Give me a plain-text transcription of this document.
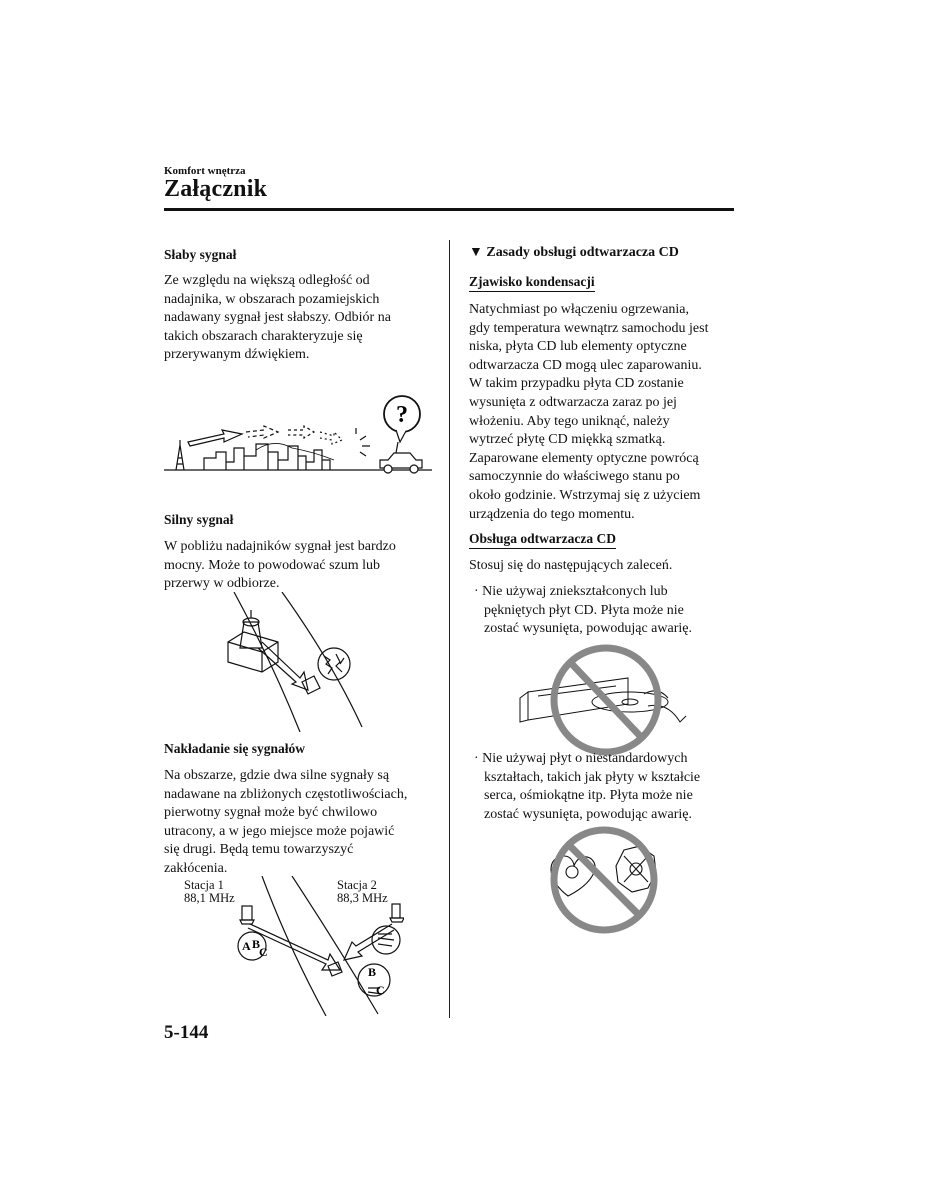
Komfort wnętrza
Załącznik
Słaby sygnał
Ze względu na większą odległość od
nadajnika, w obszarach pozamiejskich
nadawany sygnał jest słabszy. Odbiór na
takich obszarach charakteryzuje się
przerywanym dźwiękiem.
?
Silny sygnał
W pobliżu nadajników sygnał jest bardzo
mocny. Może to powodować szum lub
przerwy w odbiorze.
Nakładanie się sygnałów
Na obszarze, gdzie dwa silne sygnały są
nadawane na zbliżonych częstotliwościach,
pierwotny sygnał może być chwilowo
utracony, a w jego miejsce może pojawić
się drugi. Będą temu towarzyszyć
zakłócenia.
Stacja 1
88,1 MHz
Stacja 2
88,3 MHz
A B
C
B
C
▼ Zasady obsługi odtwarzacza CD
Zjawisko kondensacji
Natychmiast po włączeniu ogrzewania,
gdy temperatura wewnątrz samochodu jest
niska, płyta CD lub elementy optyczne
odtwarzacza CD mogą ulec zaparowaniu.
W takim przypadku płyta CD zostanie
wysunięta z odtwarzacza zaraz po jej
włożeniu. Aby tego uniknąć, należy
wytrzeć płytę CD miękką szmatką.
Zaparowane elementy optyczne powrócą
samoczynnie do właściwego stanu po
około godzinie. Wstrzymaj się z użyciem
urządzenia do tego momentu.
Obsługa odtwarzacza CD
Stosuj się do następujących zaleceń.
· Nie używaj zniekształconych lub
pękniętych płyt CD. Płyta może nie
zostać wysunięta, powodując awarię.
· Nie używaj płyt o niestandardowych
kształtach, takich jak płyty w kształcie
serca, ośmiokątne itp. Płyta może nie
zostać wysunięta, powodując awarię.
5-144
